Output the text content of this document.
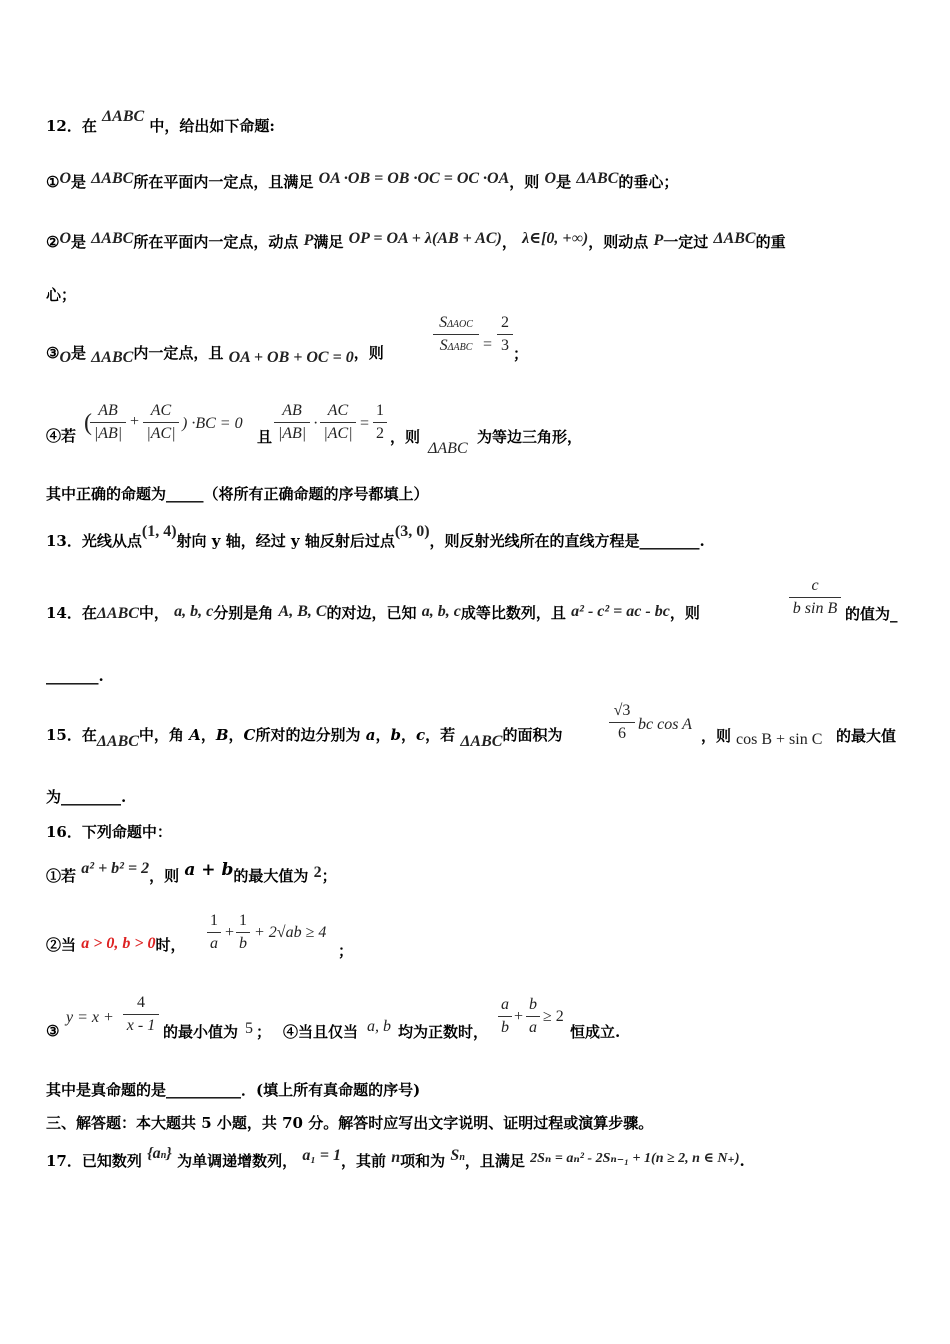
12．在 ΔABC 中，给出如下命题:
①O是 ΔABC所在平面内一定点，且满足 OA ·OB = OB ·OC = OC ·OA，则 O是 ΔABC的垂心；
②O是 ΔABC所在平面内一定点，动点 P满足 OP = OA + λ(AB + AC)， λ∈[0, +∞)，则动点 P一定过 ΔABC的重
心；
③O是 ΔABC内一定点，且 OA + OB + OC = 0，则
SΔAOC
SΔABC =
2
3 ；
④若 ( AB
|AB|
+
AC
|AC|
) ·BC = 0
且
AB
|AB|
·
AC
|AC|
=
1
2 ，则
ΔABC
为等边三角形，
其中正确的命题为_____（将所有正确命题的序号都填上）
13．光线从点(1, 4)射向 y 轴，经过 y 轴反射后过点(3, 0)，则反射光线所在的直线方程是________.
14．在ΔABC中， a, b, c分别是角 A, B, C的对边，已知 a, b, c成等比数列，且 a² - c² = ac - bc，则
c
b sin B 的值为_
_______.
15．在ΔABC中，角 A，B，C所对的边分别为 a，b，c，若 ΔABC的面积为
√3
6
bc cos A
，则 cos B + sin C 的最大值
为________.
16．下列命题中：
①若 a² + b² = 2，则 a + b的最大值为 2；
②当 a > 0, b > 0时，
1
a
+
1
b
+ 2√ab ≥ 4
；
③
y = x +
4
x - 1 的最小值为 5 ； ④当且仅当 a, b 均为正数时，
a
b
+
b
a
≥ 2
恒成立.
其中是真命题的是__________．(填上所有真命题的序号)
三、解答题：本大题共 5 小题，共 70 分。解答时应写出文字说明、证明过程或演算步骤。
17．已知数列 {an} 为单调递增数列， a₁ = 1，其前 n项和为 Sn，且满足 2Sₙ = aₙ² - 2Sₙ₋₁ + 1(n ≥ 2, n ∈ N₊).
